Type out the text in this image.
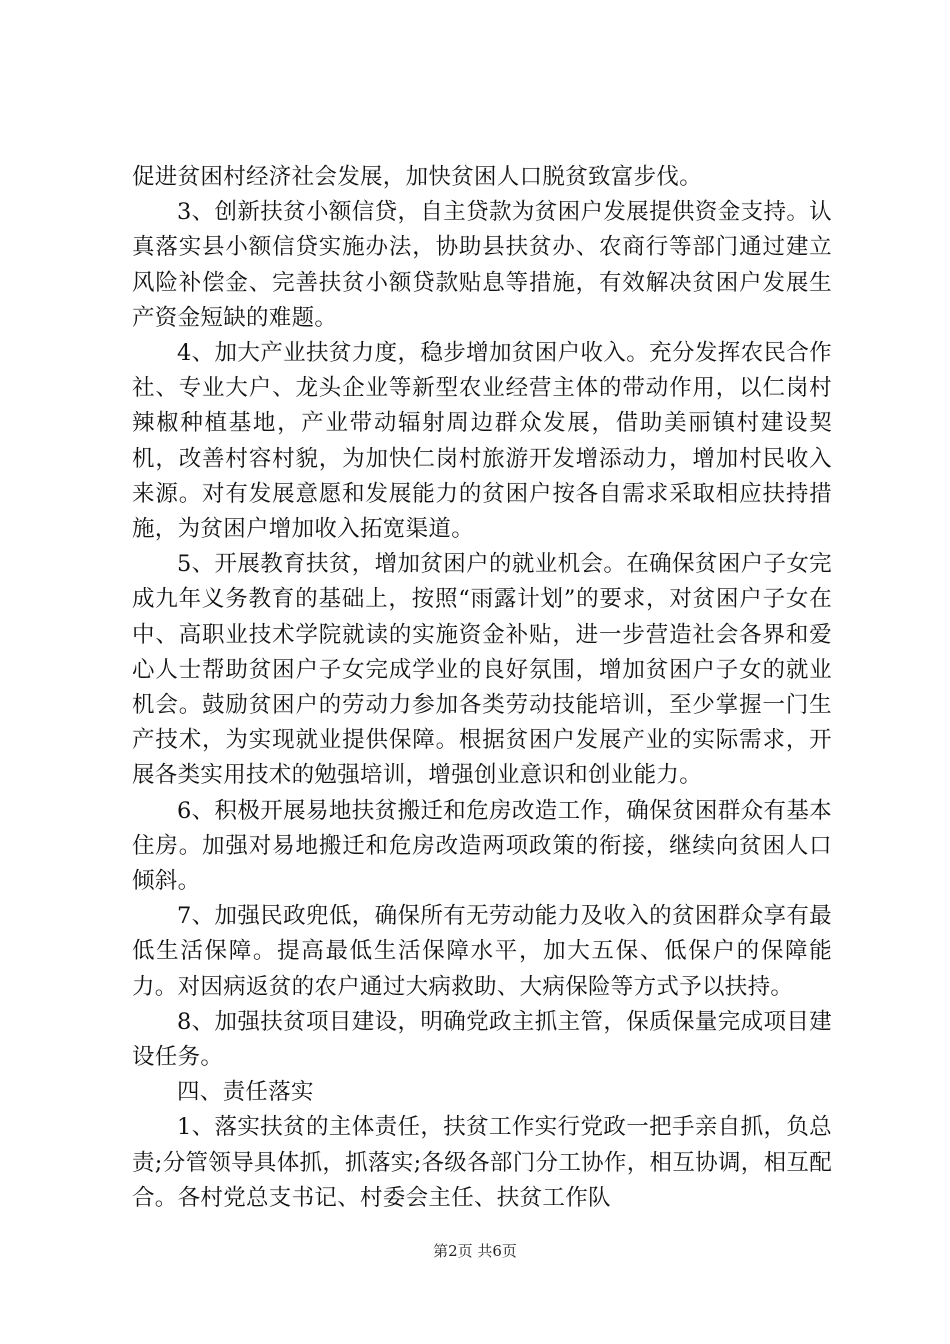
促进贫困村经济社会发展，加快贫困人口脱贫致富步伐。

3、创新扶贫小额信贷，自主贷款为贫困户发展提供资金支持。认真落实县小额信贷实施办法，协助县扶贫办、农商行等部门通过建立风险补偿金、完善扶贫小额贷款贴息等措施，有效解决贫困户发展生产资金短缺的难题。

4、加大产业扶贫力度，稳步增加贫困户收入。充分发挥农民合作社、专业大户、龙头企业等新型农业经营主体的带动作用，以仁岗村辣椒种植基地，产业带动辐射周边群众发展，借助美丽镇村建设契机，改善村容村貌，为加快仁岗村旅游开发增添动力，增加村民收入来源。对有发展意愿和发展能力的贫困户按各自需求采取相应扶持措施，为贫困户增加收入拓宽渠道。

5、开展教育扶贫，增加贫困户的就业机会。在确保贫困户子女完成九年义务教育的基础上，按照“雨露计划”的要求，对贫困户子女在中、高职业技术学院就读的实施资金补贴，进一步营造社会各界和爱心人士帮助贫困户子女完成学业的良好氛围，增加贫困户子女的就业机会。鼓励贫困户的劳动力参加各类劳动技能培训，至少掌握一门生产技术，为实现就业提供保障。根据贫困户发展产业的实际需求，开展各类实用技术的勉强培训，增强创业意识和创业能力。

6、积极开展易地扶贫搬迁和危房改造工作，确保贫困群众有基本住房。加强对易地搬迁和危房改造两项政策的衔接，继续向贫困人口倾斜。

7、加强民政兜低，确保所有无劳动能力及收入的贫困群众享有最低生活保障。提高最低生活保障水平，加大五保、低保户的保障能力。对因病返贫的农户通过大病救助、大病保险等方式予以扶持。

8、加强扶贫项目建设，明确党政主抓主管，保质保量完成项目建设任务。

四、责任落实

1、落实扶贫的主体责任，扶贫工作实行党政一把手亲自抓，负总责;分管领导具体抓，抓落实;各级各部门分工协作，相互协调，相互配合。各村党总支书记、村委会主任、扶贫工作队

第2页 共6页
